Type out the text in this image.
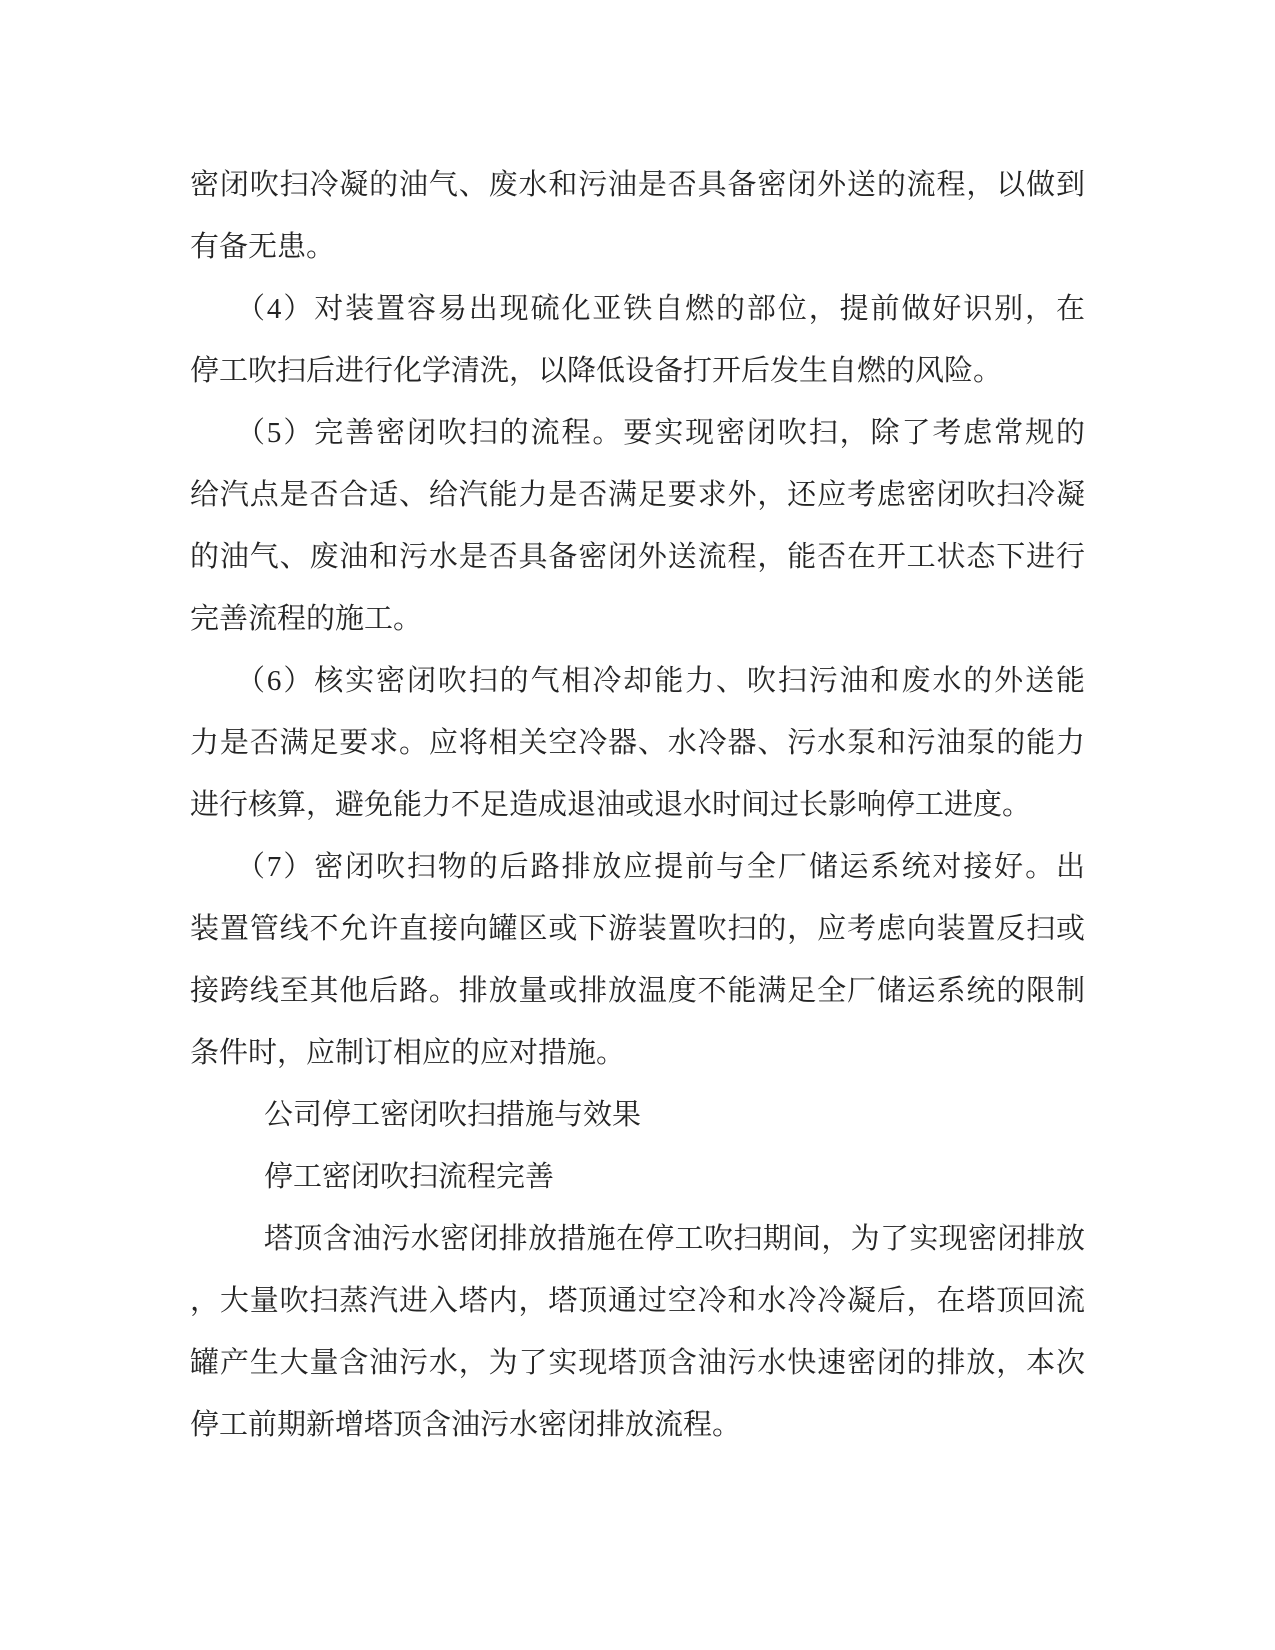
密闭吹扫冷凝的油气、废水和污油是否具备密闭外送的流程，以做到
有备无患。
（4）对装置容易出现硫化亚铁自燃的部位，提前做好识别，在
停工吹扫后进行化学清洗，以降低设备打开后发生自燃的风险。
（5）完善密闭吹扫的流程。要实现密闭吹扫，除了考虑常规的
给汽点是否合适、给汽能力是否满足要求外，还应考虑密闭吹扫冷凝
的油气、废油和污水是否具备密闭外送流程，能否在开工状态下进行
完善流程的施工。
（6）核实密闭吹扫的气相冷却能力、吹扫污油和废水的外送能
力是否满足要求。应将相关空冷器、水冷器、污水泵和污油泵的能力
进行核算，避免能力不足造成退油或退水时间过长影响停工进度。
（7）密闭吹扫物的后路排放应提前与全厂储运系统对接好。出
装置管线不允许直接向罐区或下游装置吹扫的，应考虑向装置反扫或
接跨线至其他后路。排放量或排放温度不能满足全厂储运系统的限制
条件时，应制订相应的应对措施。
公司停工密闭吹扫措施与效果
停工密闭吹扫流程完善
塔顶含油污水密闭排放措施在停工吹扫期间，为了实现密闭排放
，大量吹扫蒸汽进入塔内，塔顶通过空冷和水冷冷凝后，在塔顶回流
罐产生大量含油污水，为了实现塔顶含油污水快速密闭的排放，本次
停工前期新增塔顶含油污水密闭排放流程。
